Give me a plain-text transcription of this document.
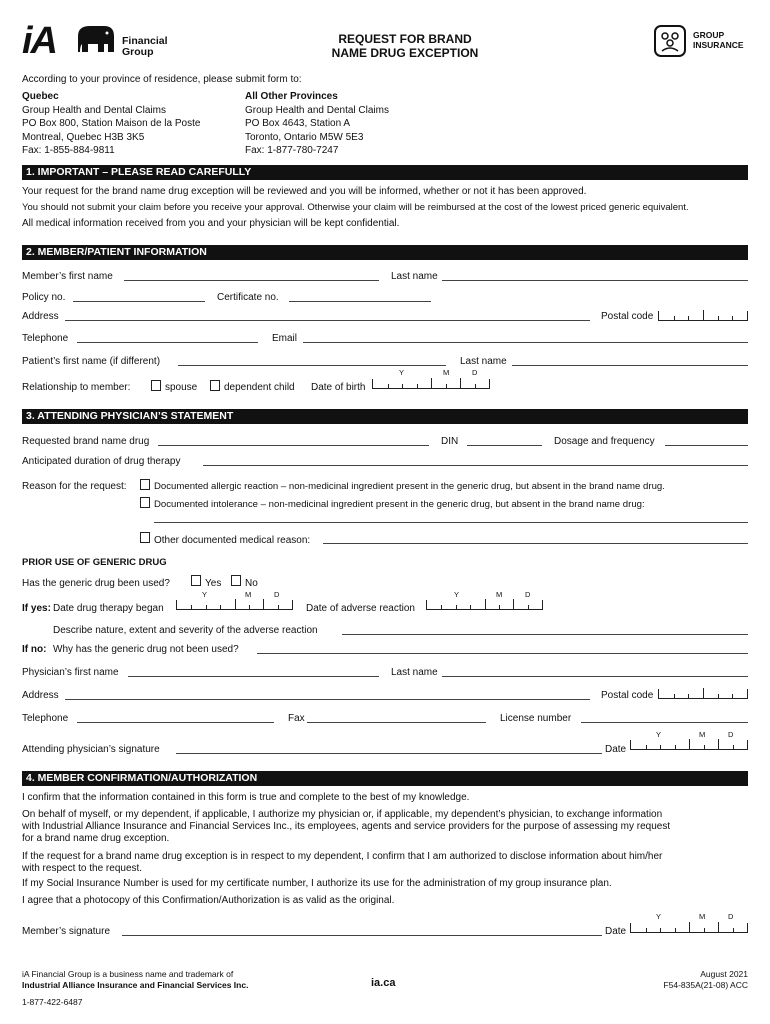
iA	Financial
Group
REQUEST FOR BRAND
NAME DRUG EXCEPTION
GROUP
INSURANCE
According to your province of residence, please submit form to:
Quebec
Group Health and Dental Claims
PO Box 800, Station Maison de la Poste
Montreal, Quebec H3B 3K5
Fax: 1-855-884-9811
All Other Provinces
Group Health and Dental Claims
PO Box 4643, Station A
Toronto, Ontario M5W 5E3
Fax: 1-877-780-7247
1. IMPORTANT – PLEASE READ CAREFULLY
Your request for the brand name drug exception will be reviewed and you will be informed, whether or not it has been approved.
You should not submit your claim before you receive your approval. Otherwise your claim will be reimbursed at the cost of the lowest priced generic equivalent.
All medical information received from you and your physician will be kept confidential.
2. MEMBER/PATIENT INFORMATION
Member’s first name	Last name
Policy no.	Certificate no.
Address	Postal code
Telephone	Email
Patient’s first name (if different)	Last name
Y	M	D
Relationship to member:	spouse	dependent child Date of birth
3. ATTENDING PHYSICIAN’S STATEMENT
Requested brand name drug	DIN	Dosage and frequency
Anticipated duration of drug therapy
Reason for the request:	Documented allergic reaction – non-medicinal ingredient present in the generic drug, but absent in the brand name drug.
Documented intolerance – non-medicinal ingredient present in the generic drug, but absent in the brand name drug:
Other documented medical reason:
PRIOR USE OF GENERIC DRUG
Has the generic drug been used?	Yes No
Y	M	D	Y	M	D
If yes: Date drug therapy began	Date of adverse reaction
Describe nature, extent and severity of the adverse reaction
If no: Why has the generic drug not been used?
Physician’s first name	Last name
Address	Postal code
Telephone	Fax	License number
Y	M	D
Attending physician’s signature	Date
4. MEMBER CONFIRMATION/AUTHORIZATION
I confirm that the information contained in this form is true and complete to the best of my knowledge.
On behalf of myself, or my dependent, if applicable, I authorize my physician or, if applicable, my dependent’s physician, to exchange information
with Industrial Alliance Insurance and Financial Services Inc., its employees, agents and service providers for the purpose of assessing my request
for a brand name drug exception.
If the request for a brand name drug exception is in respect to my dependent, I confirm that I am authorized to disclose information about him/her
with respect to the request.
If my Social Insurance Number is used for my certificate number, I authorize its use for the administration of my group insurance plan.
I agree that a photocopy of this Confirmation/Authorization is as valid as the original.
Y	M	D
Member’s signature	Date
iA Financial Group is a business name and trademark of
Industrial Alliance Insurance and Financial Services Inc.	ia.ca
August 2021
F54-835A(21-08) ACC
1-877-422-6487
